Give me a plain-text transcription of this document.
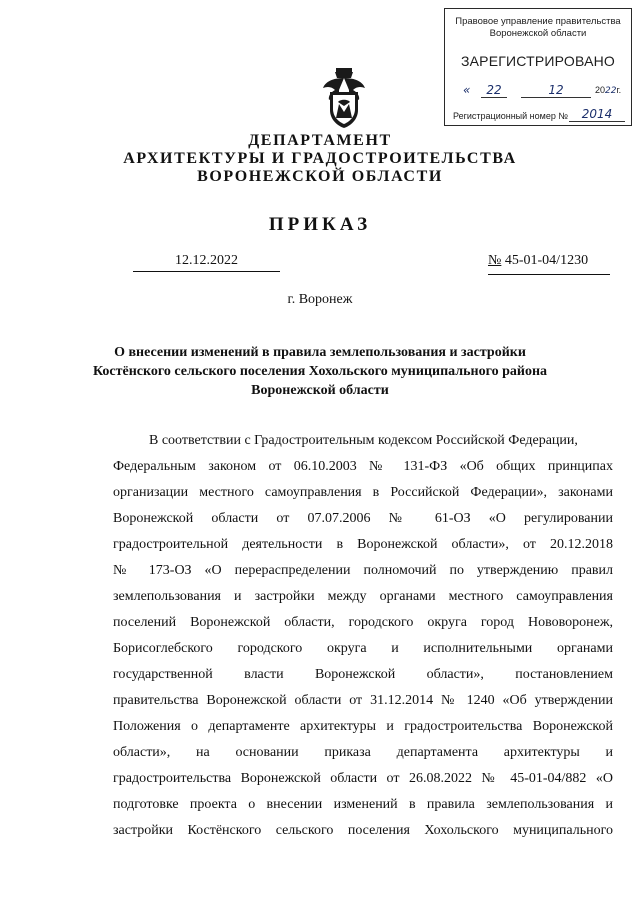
Правовое управление правительства
Воронежской области
ЗАРЕГИСТРИРОВАНО
«	22	12	2022г.
Регистрационный номер №	2014
ДЕПАРТАМЕНТ
АРХИТЕКТУРЫ И ГРАДОСТРОИТЕЛЬСТВА
ВОРОНЕЖСКОЙ ОБЛАСТИ
ПРИКАЗ
12.12.2022	№ 45-01-04/1230
г. Воронеж
О внесении изменений в правила землепользования и застройки
Костёнского сельского поселения Хохольского муниципального района
Воронежской области
В соответствии с Градостроительным кодексом Российской Федерации,
Федеральным законом от 06.10.2003 № 131-ФЗ «Об общих принципах
организации местного самоуправления в Российской Федерации», законами
Воронежской области от 07.07.2006 № 61-ОЗ «О регулировании
градостроительной деятельности в Воронежской области», от 20.12.2018
№ 173-ОЗ «О перераспределении полномочий по утверждению правил
землепользования и застройки между органами местного самоуправления
поселений Воронежской области, городского округа город Нововоронеж,
Борисоглебского городского округа и исполнительными органами
государственной власти Воронежской области», постановлением
правительства Воронежской области от 31.12.2014 № 1240 «Об утверждении
Положения о департаменте архитектуры и градостроительства Воронежской
области», на основании приказа департамента архитектуры и
градостроительства Воронежской области от 26.08.2022 № 45-01-04/882 «О
подготовке проекта о внесении изменений в правила землепользования и
застройки Костёнского сельского поселения Хохольского муниципального
